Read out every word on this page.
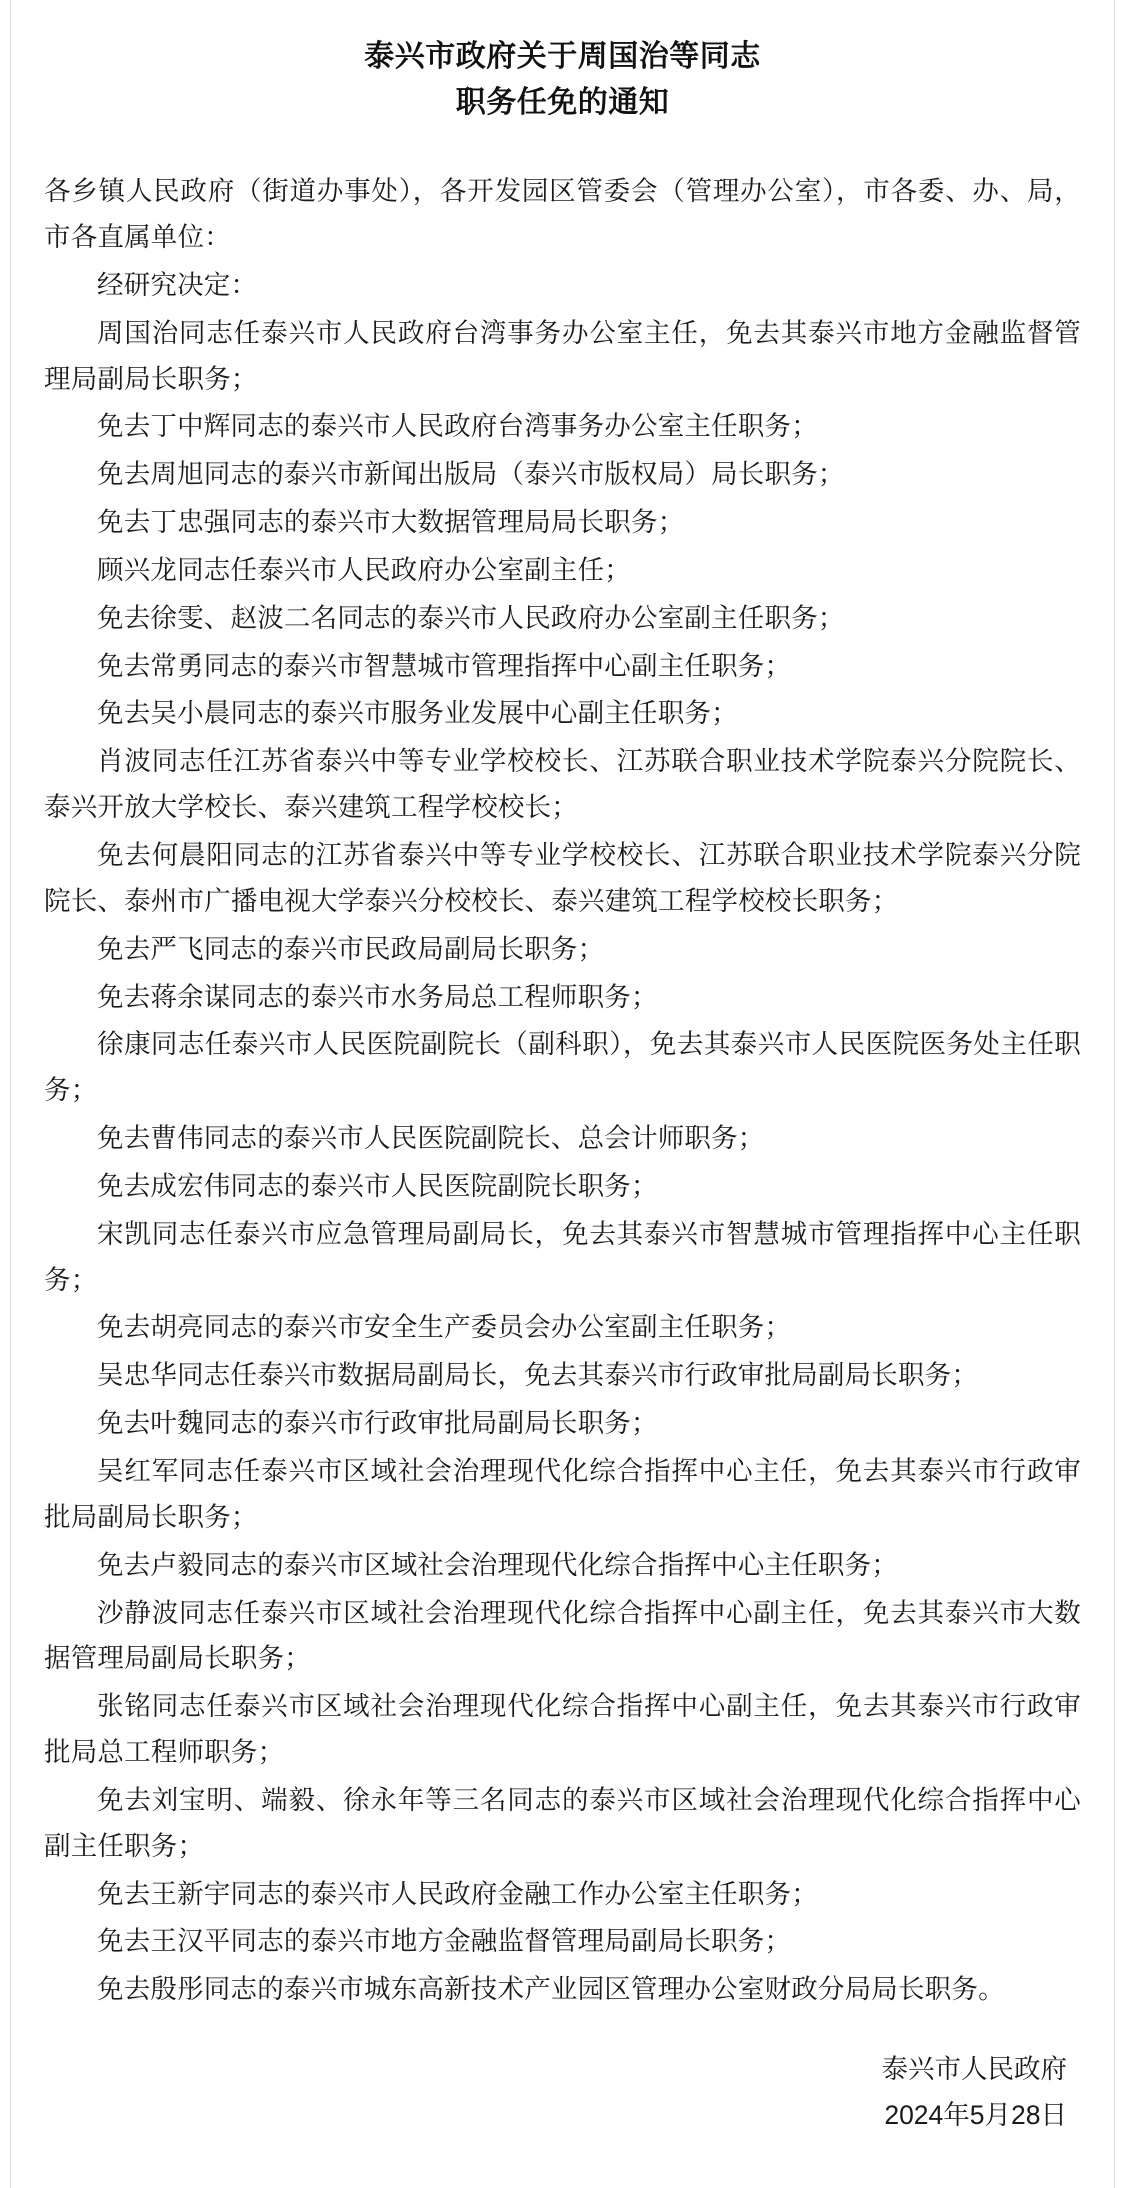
泰兴市政府关于周国治等同志
职务任免的通知

各乡镇人民政府（街道办事处），各开发园区管委会（管理办公室），市各委、办、局，市各直属单位：

经研究决定：

周国治同志任泰兴市人民政府台湾事务办公室主任，免去其泰兴市地方金融监督管理局副局长职务；

免去丁中辉同志的泰兴市人民政府台湾事务办公室主任职务；

免去周旭同志的泰兴市新闻出版局（泰兴市版权局）局长职务；

免去丁忠强同志的泰兴市大数据管理局局长职务；

顾兴龙同志任泰兴市人民政府办公室副主任；

免去徐雯、赵波二名同志的泰兴市人民政府办公室副主任职务；

免去常勇同志的泰兴市智慧城市管理指挥中心副主任职务；

免去吴小晨同志的泰兴市服务业发展中心副主任职务；

肖波同志任江苏省泰兴中等专业学校校长、江苏联合职业技术学院泰兴分院院长、泰兴开放大学校长、泰兴建筑工程学校校长；

免去何晨阳同志的江苏省泰兴中等专业学校校长、江苏联合职业技术学院泰兴分院院长、泰州市广播电视大学泰兴分校校长、泰兴建筑工程学校校长职务；

免去严飞同志的泰兴市民政局副局长职务；

免去蒋余谋同志的泰兴市水务局总工程师职务；

徐康同志任泰兴市人民医院副院长（副科职），免去其泰兴市人民医院医务处主任职务；

免去曹伟同志的泰兴市人民医院副院长、总会计师职务；

免去成宏伟同志的泰兴市人民医院副院长职务；

宋凯同志任泰兴市应急管理局副局长，免去其泰兴市智慧城市管理指挥中心主任职务；

免去胡亮同志的泰兴市安全生产委员会办公室副主任职务；

吴忠华同志任泰兴市数据局副局长，免去其泰兴市行政审批局副局长职务；

免去叶魏同志的泰兴市行政审批局副局长职务；

吴红军同志任泰兴市区域社会治理现代化综合指挥中心主任，免去其泰兴市行政审批局副局长职务；

免去卢毅同志的泰兴市区域社会治理现代化综合指挥中心主任职务；

沙静波同志任泰兴市区域社会治理现代化综合指挥中心副主任，免去其泰兴市大数据管理局副局长职务；

张铭同志任泰兴市区域社会治理现代化综合指挥中心副主任，免去其泰兴市行政审批局总工程师职务；

免去刘宝明、端毅、徐永年等三名同志的泰兴市区域社会治理现代化综合指挥中心副主任职务；

免去王新宇同志的泰兴市人民政府金融工作办公室主任职务；

免去王汉平同志的泰兴市地方金融监督管理局副局长职务；

免去殷彤同志的泰兴市城东高新技术产业园区管理办公室财政分局局长职务。

泰兴市人民政府
2024年5月28日
